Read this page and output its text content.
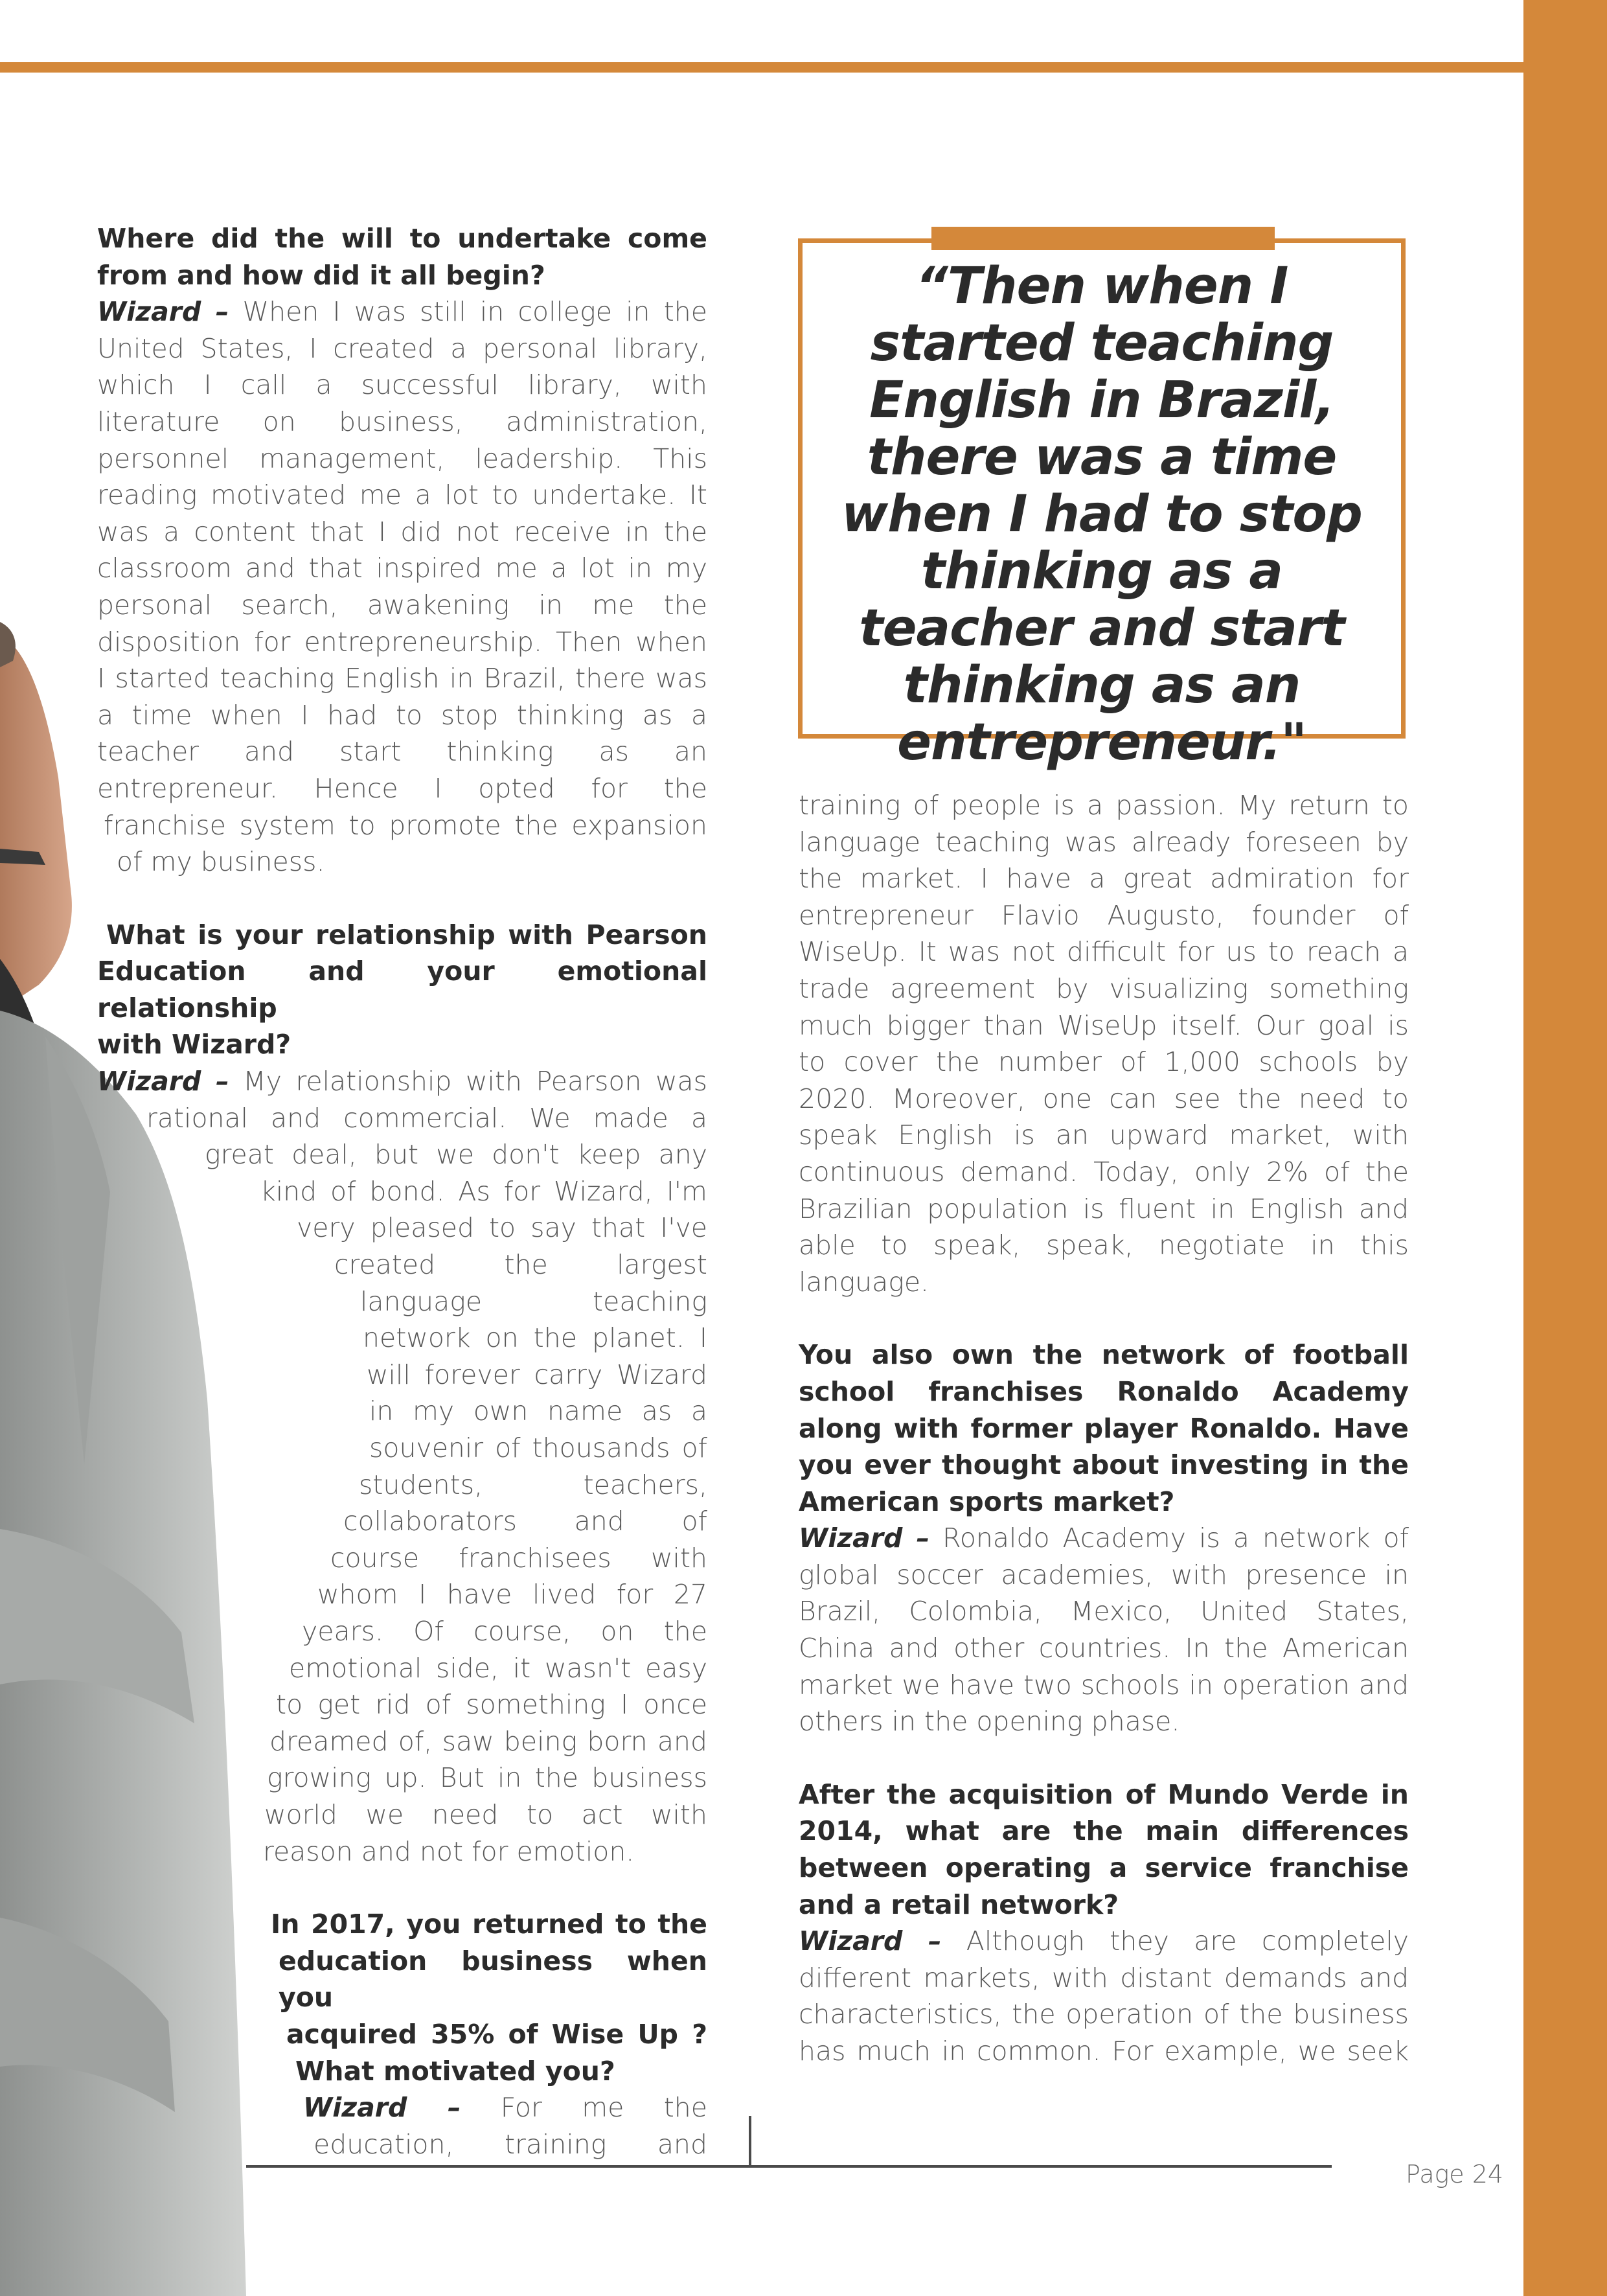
Where did the will to undertake come from and how did it all begin?

Wizard – When I was still in college in the

United States, I created a personal library,

which I call a successful library, with

literature on business, administration,

personnel management, leadership. This

reading motivated me a lot to undertake. It

was a content that I did not receive in the

classroom and that inspired me a lot in my

personal search, awakening in me the

disposition for entrepreneurship. Then when

I started teaching English in Brazil, there was

a time when I had to stop thinking as a

teacher and start thinking as an

entrepreneur. Hence I opted for the

franchise system to promote the expansion

of my business.

What is your relationship with Pearson

Education and your emotional relationship

with Wizard?

Wizard – My relationship with Pearson was

rational and commercial. We made a

great deal, but we don't keep any

kind of bond. As for Wizard, I'm

very pleased to say that I've

created the largest

language teaching

network on the planet. I

will forever carry Wizard

in my own name as a

souvenir of thousands of

students, teachers,

collaborators and of

course franchisees with

whom I have lived for 27

years. Of course, on the

emotional side, it wasn't easy

to get rid of something I once

dreamed of, saw being born and

growing up. But in the business

world we need to act with

reason and not for emotion.

In 2017, you returned to the

education business when you

acquired 35% of Wise Up ?

What motivated you?

Wizard – For me the

education, training and

“Then when I started teaching English in Brazil, there was a time when I had to stop thinking as a teacher and start thinking as an entrepreneur."

training of people is a passion. My return to

language teaching was already foreseen by

the market. I have a great admiration for

entrepreneur Flavio Augusto, founder of

WiseUp. It was not difficult for us to reach a

trade agreement by visualizing something

much bigger than WiseUp itself. Our goal is

to cover the number of 1,000 schools by

2020. Moreover, one can see the need to

speak English is an upward market, with

continuous demand. Today, only 2% of the

Brazilian population is fluent in English and

able to speak, speak, negotiate in this

language.

You also own the network of football school franchises Ronaldo Academy along with former player Ronaldo. Have you ever thought about investing in the American sports market?

Wizard – Ronaldo Academy is a network of global soccer academies, with presence in Brazil, Colombia, Mexico, United States, China and other countries. In the American market we have two schools in operation and others in the opening phase.

After the acquisition of Mundo Verde in 2014, what are the main differences between operating a service franchise and a retail network?

Wizard – Although they are completely different markets, with distant demands and characteristics, the operation of the business has much in common. For example, we seek

Page 24
